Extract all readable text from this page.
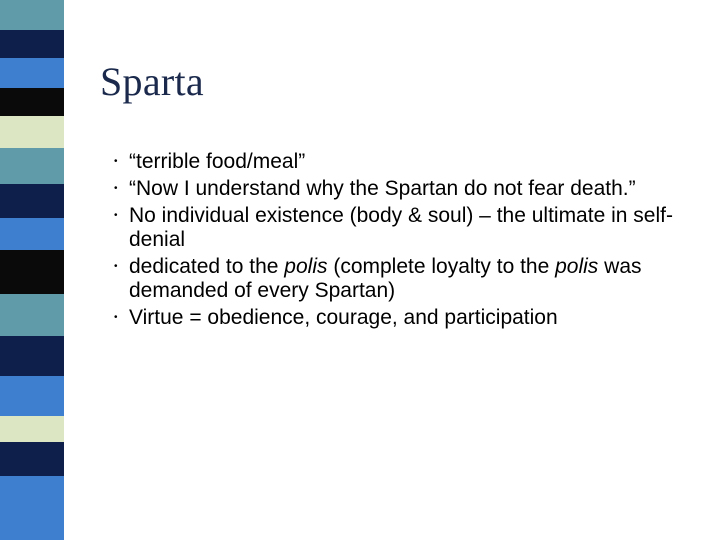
Sparta
• “terrible food/meal”
• “Now I understand why the Spartan do not fear death.”
• No individual existence (body & soul) – the ultimate in self-denial
• dedicated to the polis (complete loyalty to the polis was demanded of every Spartan)
• Virtue = obedience, courage, and participation
